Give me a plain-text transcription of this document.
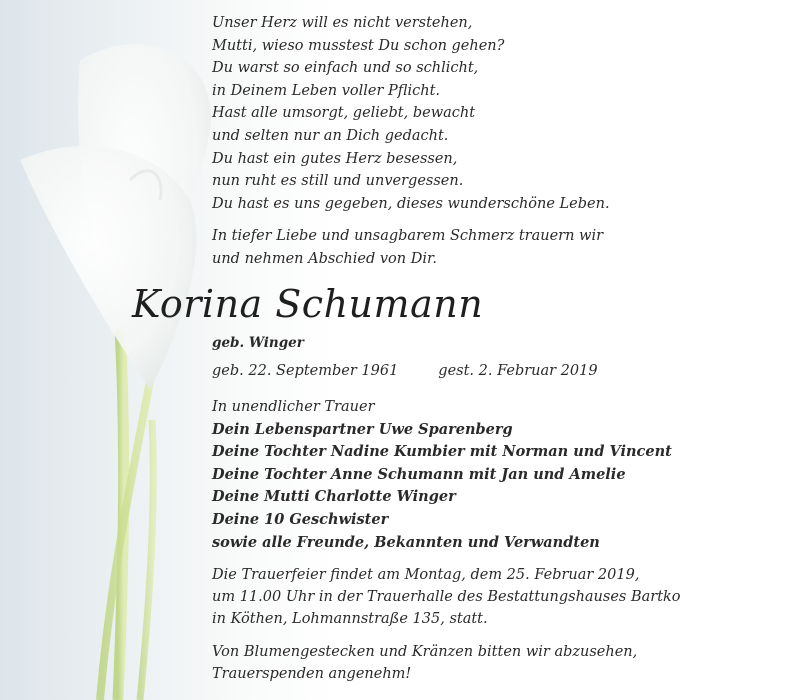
Unser Herz will es nicht verstehen,
Mutti, wieso musstest Du schon gehen?
Du warst so einfach und so schlicht,
in Deinem Leben voller Pflicht.
Hast alle umsorgt, geliebt, bewacht
und selten nur an Dich gedacht.
Du hast ein gutes Herz besessen,
nun ruht es still und unvergessen.
Du hast es uns gegeben, dieses wunderschöne Leben.
In tiefer Liebe und unsagbarem Schmerz trauern wir
und nehmen Abschied von Dir.
Korina Schumann
geb. Winger
geb. 22. September 1961	gest. 2. Februar 2019
In unendlicher Trauer
Dein Lebenspartner Uwe Sparenberg
Deine Tochter Nadine Kumbier mit Norman und Vincent
Deine Tochter Anne Schumann mit Jan und Amelie
Deine Mutti Charlotte Winger
Deine 10 Geschwister
sowie alle Freunde, Bekannten und Verwandten
Die Trauerfeier findet am Montag, dem 25. Februar 2019,
um 11.00 Uhr in der Trauerhalle des Bestattungshauses Bartko
in Köthen, Lohmannstraße 135, statt.
Von Blumengestecken und Kränzen bitten wir abzusehen,
Trauerspenden angenehm!
